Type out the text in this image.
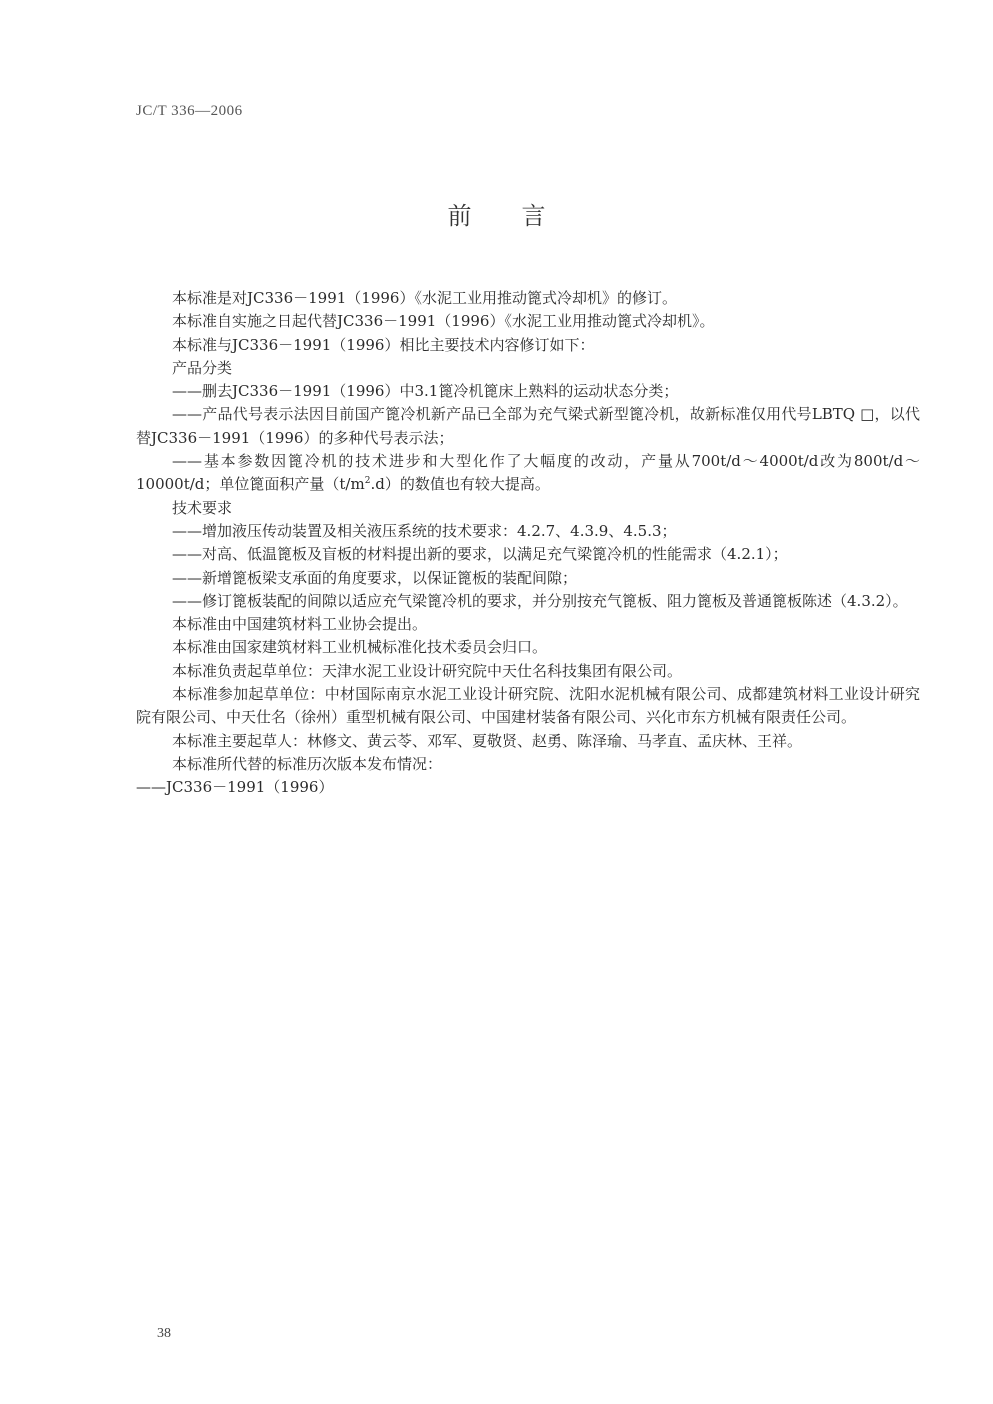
JC/T 336—2006
前言

本标准是对JC336－1991（1996）《水泥工业用推动篦式冷却机》的修订。

本标准自实施之日起代替JC336－1991（1996）《水泥工业用推动篦式冷却机》。

本标准与JC336－1991（1996）相比主要技术内容修订如下：

产品分类

——删去JC336－1991（1996）中3.1篦冷机篦床上熟料的运动状态分类；

——产品代号表示法因目前国产篦冷机新产品已全部为充气梁式新型篦冷机，故新标准仅用代号LBTQ □，以代替JC336－1991（1996）的多种代号表示法；

——基本参数因篦冷机的技术进步和大型化作了大幅度的改动，产量从700t/d～4000t/d改为800t/d～10000t/d；单位篦面积产量$(t/m^2.d)$的数值也有较大提高。

技术要求

——增加液压传动装置及相关液压系统的技术要求：4.2.7、4.3.9、4.5.3；

——对高、低温篦板及盲板的材料提出新的要求，以满足充气梁篦冷机的性能需求（4.2.1）；

——新增篦板梁支承面的角度要求，以保证篦板的装配间隙；

——修订篦板装配的间隙以适应充气梁篦冷机的要求，并分别按充气篦板、阻力篦板及普通篦板陈述（4.3.2）。

本标准由中国建筑材料工业协会提出。

本标准由国家建筑材料工业机械标准化技术委员会归口。

本标准负责起草单位：天津水泥工业设计研究院中天仕名科技集团有限公司。

本标准参加起草单位：中材国际南京水泥工业设计研究院、沈阳水泥机械有限公司、成都建筑材料工业设计研究院有限公司、中天仕名（徐州）重型机械有限公司、中国建材装备有限公司、兴化市东方机械有限责任公司。

本标准主要起草人：林修文、黄云苓、邓军、夏敬贤、赵勇、陈泽瑜、马孝直、孟庆林、王祥。

本标准所代替的标准历次版本发布情况：

——JC336－1991（1996）

38
